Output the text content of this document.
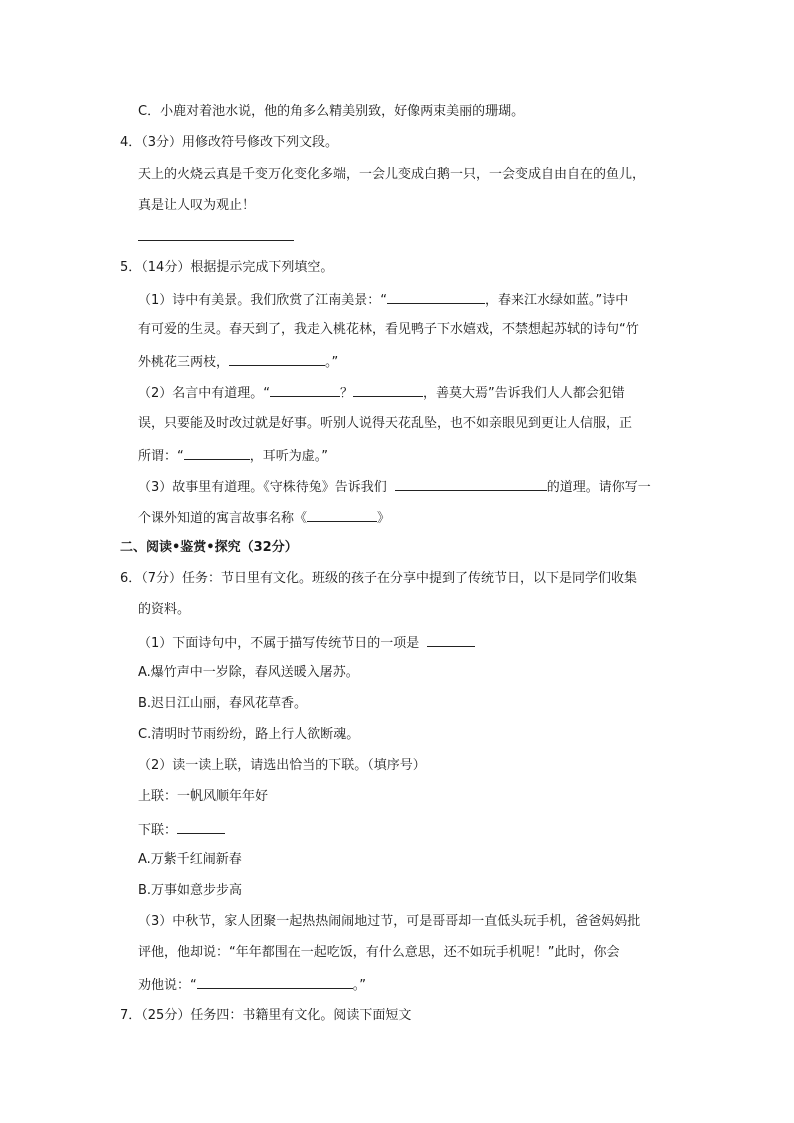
C．小鹿对着池水说，他的角多么精美别致，好像两束美丽的珊瑚。
4．（3分）用修改符号修改下列文段。
天上的火烧云真是千变万化变化多端，一会儿变成白鹅一只，一会变成自由自在的鱼儿，
真是让人叹为观止！
5．（14分）根据提示完成下列填空。
（1）诗中有美景。我们欣赏了江南美景：“	，春来江水绿如蓝。”诗中
有可爱的生灵。春天到了，我走入桃花林，看见鸭子下水嬉戏，不禁想起苏轼的诗句“竹
外桃花三两枝，	。”
（2）名言中有道理。“	？	，善莫大焉”告诉我们人人都会犯错
误，只要能及时改过就是好事。听别人说得天花乱坠，也不如亲眼见到更让人信服，正
所谓：“	，耳听为虚。”
（3）故事里有道理。《守株待兔》告诉我们	的道理。请你写一
个课外知道的寓言故事名称《	》
二、阅读•鉴赏•探究（32分）
6．（7分）任务：节日里有文化。班级的孩子在分享中提到了传统节日，以下是同学们收集
的资料。
（1）下面诗句中，不属于描写传统节日的一项是
A.爆竹声中一岁除，春风送暖入屠苏。
B.迟日江山丽，春风花草香。
C.清明时节雨纷纷，路上行人欲断魂。
（2）读一读上联，请选出恰当的下联。（填序号）
上联：一帆风顺年年好
下联：
A.万紫千红闹新春
B.万事如意步步高
（3）中秋节，家人团聚一起热热闹闹地过节，可是哥哥却一直低头玩手机，爸爸妈妈批
评他，他却说：“年年都围在一起吃饭，有什么意思，还不如玩手机呢！”此时，你会
劝他说：“	。”
7．（25分）任务四：书籍里有文化。阅读下面短文
